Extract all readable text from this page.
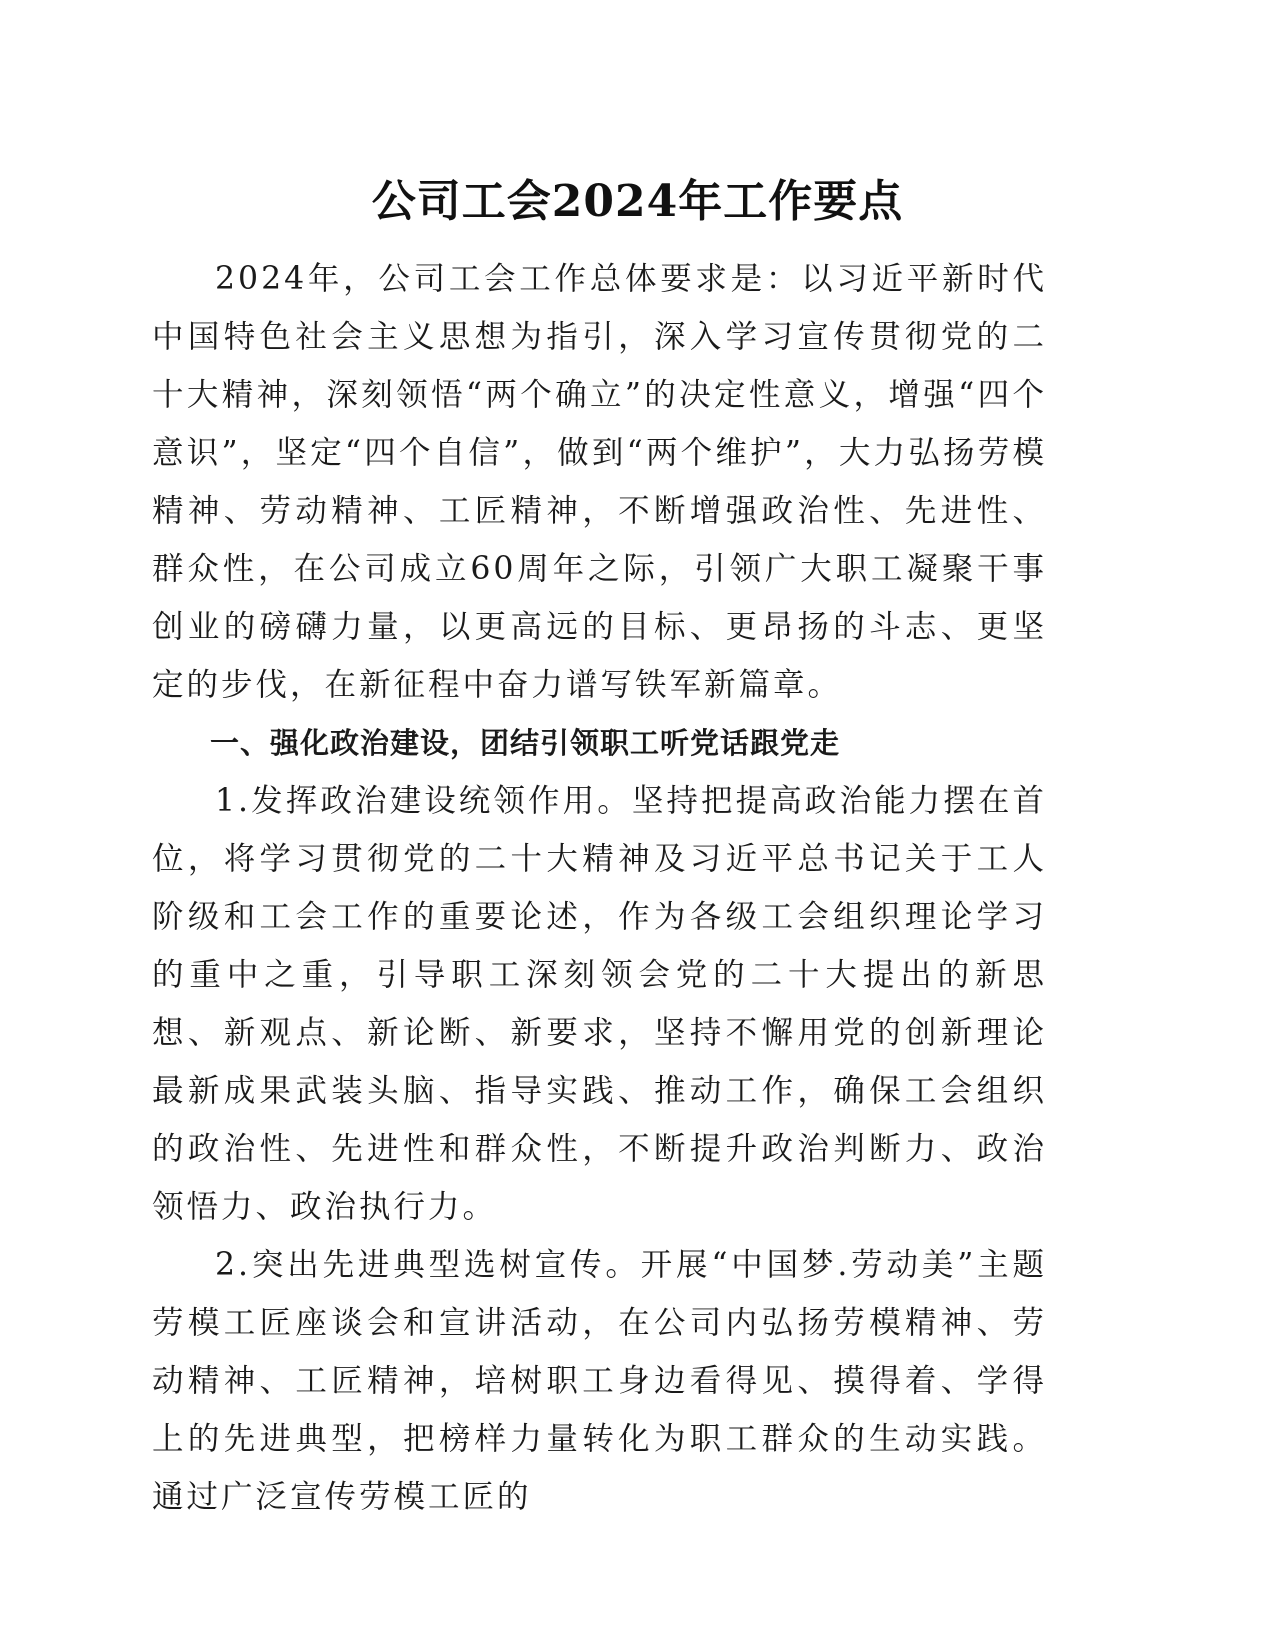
公司工会2024年工作要点

2024年，公司工会工作总体要求是：以习近平新时代中国特色社会主义思想为指引，深入学习宣传贯彻党的二十大精神，深刻领悟“两个确立”的决定性意义，增强“四个意识”，坚定“四个自信”，做到“两个维护”，大力弘扬劳模精神、劳动精神、工匠精神，不断增强政治性、先进性、群众性，在公司成立60周年之际，引领广大职工凝聚干事创业的磅礴力量，以更高远的目标、更昂扬的斗志、更坚定的步伐，在新征程中奋力谱写铁军新篇章。

一、强化政治建设，团结引领职工听党话跟党走

1.发挥政治建设统领作用。坚持把提高政治能力摆在首位，将学习贯彻党的二十大精神及习近平总书记关于工人阶级和工会工作的重要论述，作为各级工会组织理论学习的重中之重，引导职工深刻领会党的二十大提出的新思想、新观点、新论断、新要求，坚持不懈用党的创新理论最新成果武装头脑、指导实践、推动工作，确保工会组织的政治性、先进性和群众性，不断提升政治判断力、政治领悟力、政治执行力。

2.突出先进典型选树宣传。开展“中国梦.劳动美”主题劳模工匠座谈会和宣讲活动，在公司内弘扬劳模精神、劳动精神、工匠精神，培树职工身边看得见、摸得着、学得上的先进典型，把榜样力量转化为职工群众的生动实践。通过广泛宣传劳模工匠的
